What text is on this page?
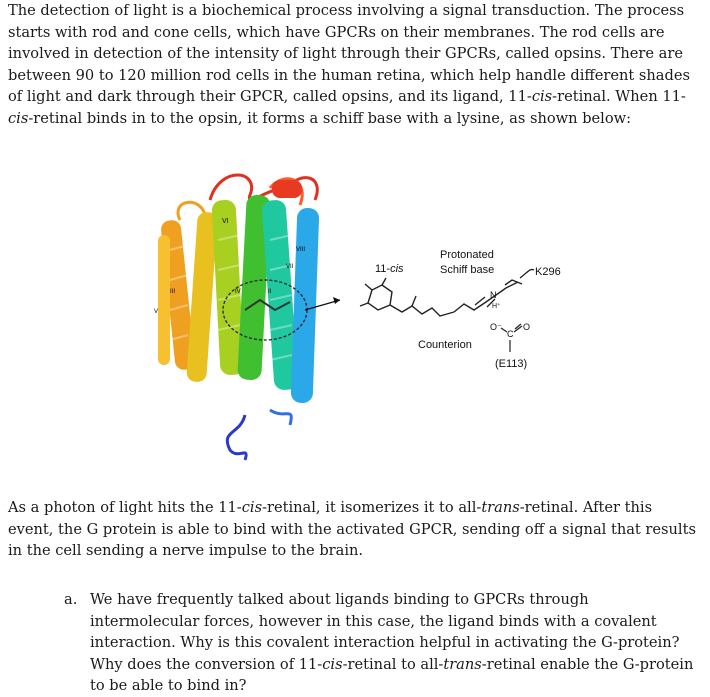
The detection of light is a biochemical process involving a signal transduction. The process starts with rod and cone cells, which have GPCRs on their membranes. The rod cells are involved in detection of the intensity of light through their GPCRs, called opsins. There are between 90 to 120 million rod cells in the human retina, which help handle different shades of light and dark through their GPCR, called opsins, and its ligand, 11-cis-retinal. When 11-cis-retinal binds in to the opsin, it forms a schiff base with a lysine, as shown below:

VI
VIII
VII
III	IV	II
V
11-cis
Protonated
Schiff base	K296
N
H⁺
Counterion
O⁻
C
O
(E113)

As a photon of light hits the 11-cis-retinal, it isomerizes it to all-trans-retinal. After this event, the G protein is able to bind with the activated GPCR, sending off a signal that results in the cell sending a nerve impulse to the brain.

a. We have frequently talked about ligands binding to GPCRs through intermolecular forces, however in this case, the ligand binds with a covalent interaction. Why is this covalent interaction helpful in activating the G-protein? Why does the conversion of 11-cis-retinal to all-trans-retinal enable the G-protein to be able to bind in?
